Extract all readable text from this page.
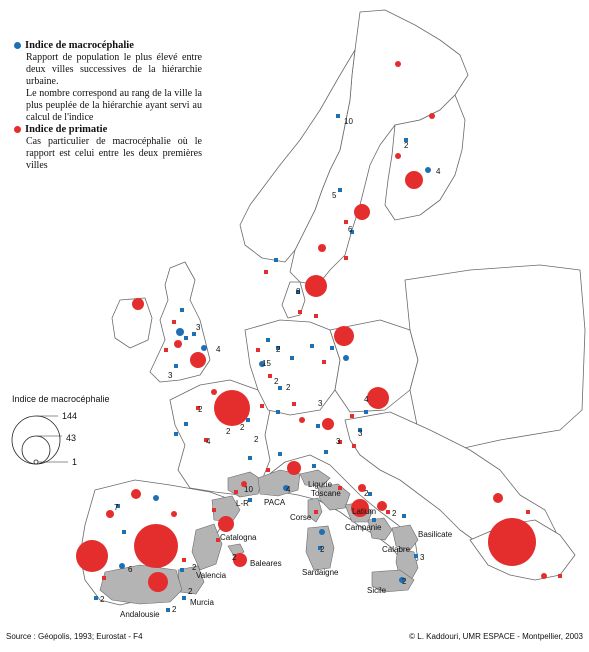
10
2
4
5
6
8
3
4
3
15
2
2
2
2
2
4	3
3
10	4	2
2
2
3
2
7
6
2
2
2
2
2
4
2
3
2
L-R PACA
Ligurie
Toscane
Corse
Latium
Campanie
Basilicate
Calabre
Sicile
Sardaigne
Catalogna
Baleares
Valencia
Murcia
Andalousie
Indice de macrocéphalie
144
43
1
Indice de macrocéphalie
Rapport de population le plus élevé entre deux villes successives de la hiérarchie urbaine.
Le nombre correspond au rang de la ville la plus peuplée de la hiérarchie ayant servi au calcul de l'indice
Indice de primatie
Cas particulier de macrocéphalie où le rapport est celui entre les deux premières villes
Source : Géopolis, 1993; Eurostat - F4	© L. Kaddouri, UMR ESPACE - Montpellier, 2003
